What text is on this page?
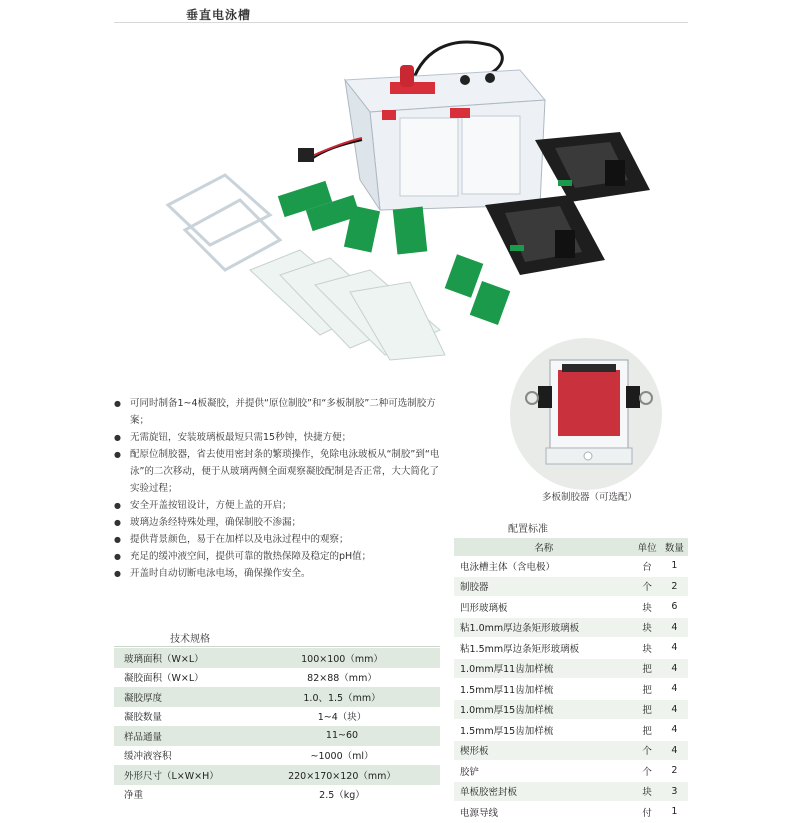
垂直电泳槽
● 可同时制备1~4板凝胶，并提供“原位制胶”和“多板制胶”二种可选制胶方案；
● 无需旋钮，安装玻璃板最短只需15秒钟，快捷方便；
● 配原位制胶器，省去使用密封条的繁琐操作，免除电泳玻板从“制胶”到“电泳”的二次移动，便于从玻璃两侧全面观察凝胶配制是否正常，大大简化了实验过程；
● 安全开盖按钮设计，方便上盖的开启；
● 玻璃边条经特殊处理，确保制胶不渗漏；
● 提供背景颜色，易于在加样以及电泳过程中的观察；
● 充足的缓冲液空间，提供可靠的散热保障及稳定的pH值；
● 开盖时自动切断电泳电场，确保操作安全。
多板制胶器（可选配）
配置标准
名称	单位	数量
电泳槽主体（含电极）	台	1
制胶器	个	2
凹形玻璃板	块	6
粘1.0mm厚边条矩形玻璃板	块	4
粘1.5mm厚边条矩形玻璃板	块	4
1.0mm厚11齿加样梳	把	4
1.5mm厚11齿加样梳	把	4
1.0mm厚15齿加样梳	把	4
1.5mm厚15齿加样梳	把	4
楔形板	个	4
胶铲	个	2
单板胶密封板	块	3
电源导线	付	1
技术规格
玻璃面积（W×L）	100×100（mm）
凝胶面积（W×L）	82×88（mm）
凝胶厚度	1.0、1.5（mm）
凝胶数量	1~4（块）
样品通量	11~60
缓冲液容积	~1000（ml）
外形尺寸（L×W×H）	220×170×120（mm）
净重	2.5（kg）
